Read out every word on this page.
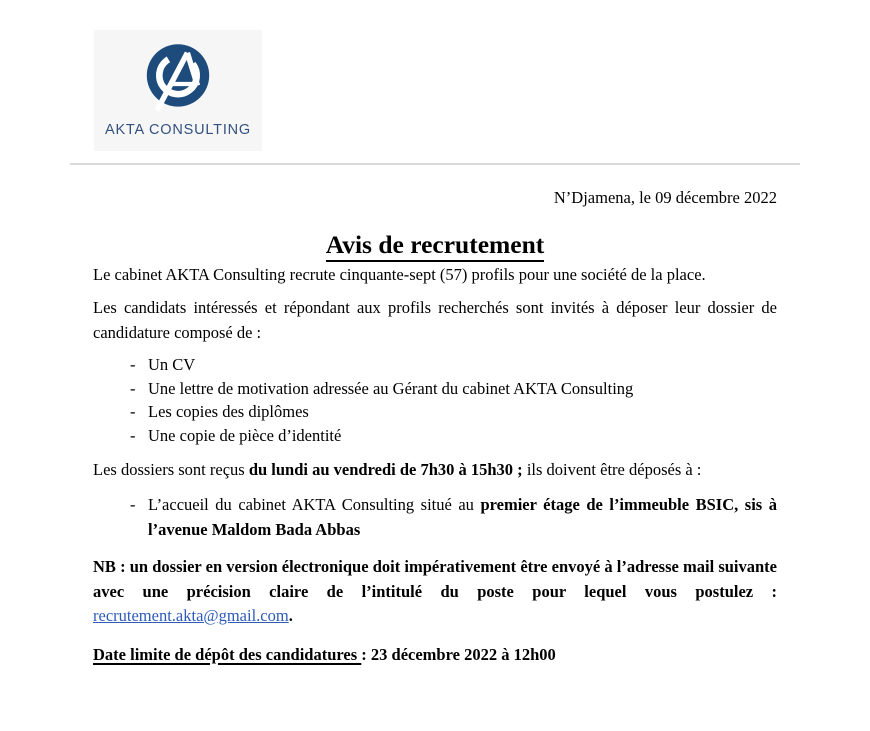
AKTA CONSULTING
N’Djamena, le 09 décembre 2022
Avis de recrutement

Le cabinet AKTA Consulting recrute cinquante-sept (57) profils pour une société de la place.

Les candidats intéressés et répondant aux profils recherchés sont invités à déposer leur dossier de candidature composé de :

- Un CV
- Une lettre de motivation adressée au Gérant du cabinet AKTA Consulting
- Les copies des diplômes
- Une copie de pièce d’identité

Les dossiers sont reçus du lundi au vendredi de 7h30 à 15h30 ; ils doivent être déposés à :

- L’accueil du cabinet AKTA Consulting situé au premier étage de l’immeuble BSIC, sis à l’avenue Maldom Bada Abbas

NB : un dossier en version électronique doit impérativement être envoyé à l’adresse mail suivante avec une précision claire de l’intitulé du poste pour lequel vous postulez : recrutement.akta@gmail.com.

Date limite de dépôt des candidatures : 23 décembre 2022 à 12h00
